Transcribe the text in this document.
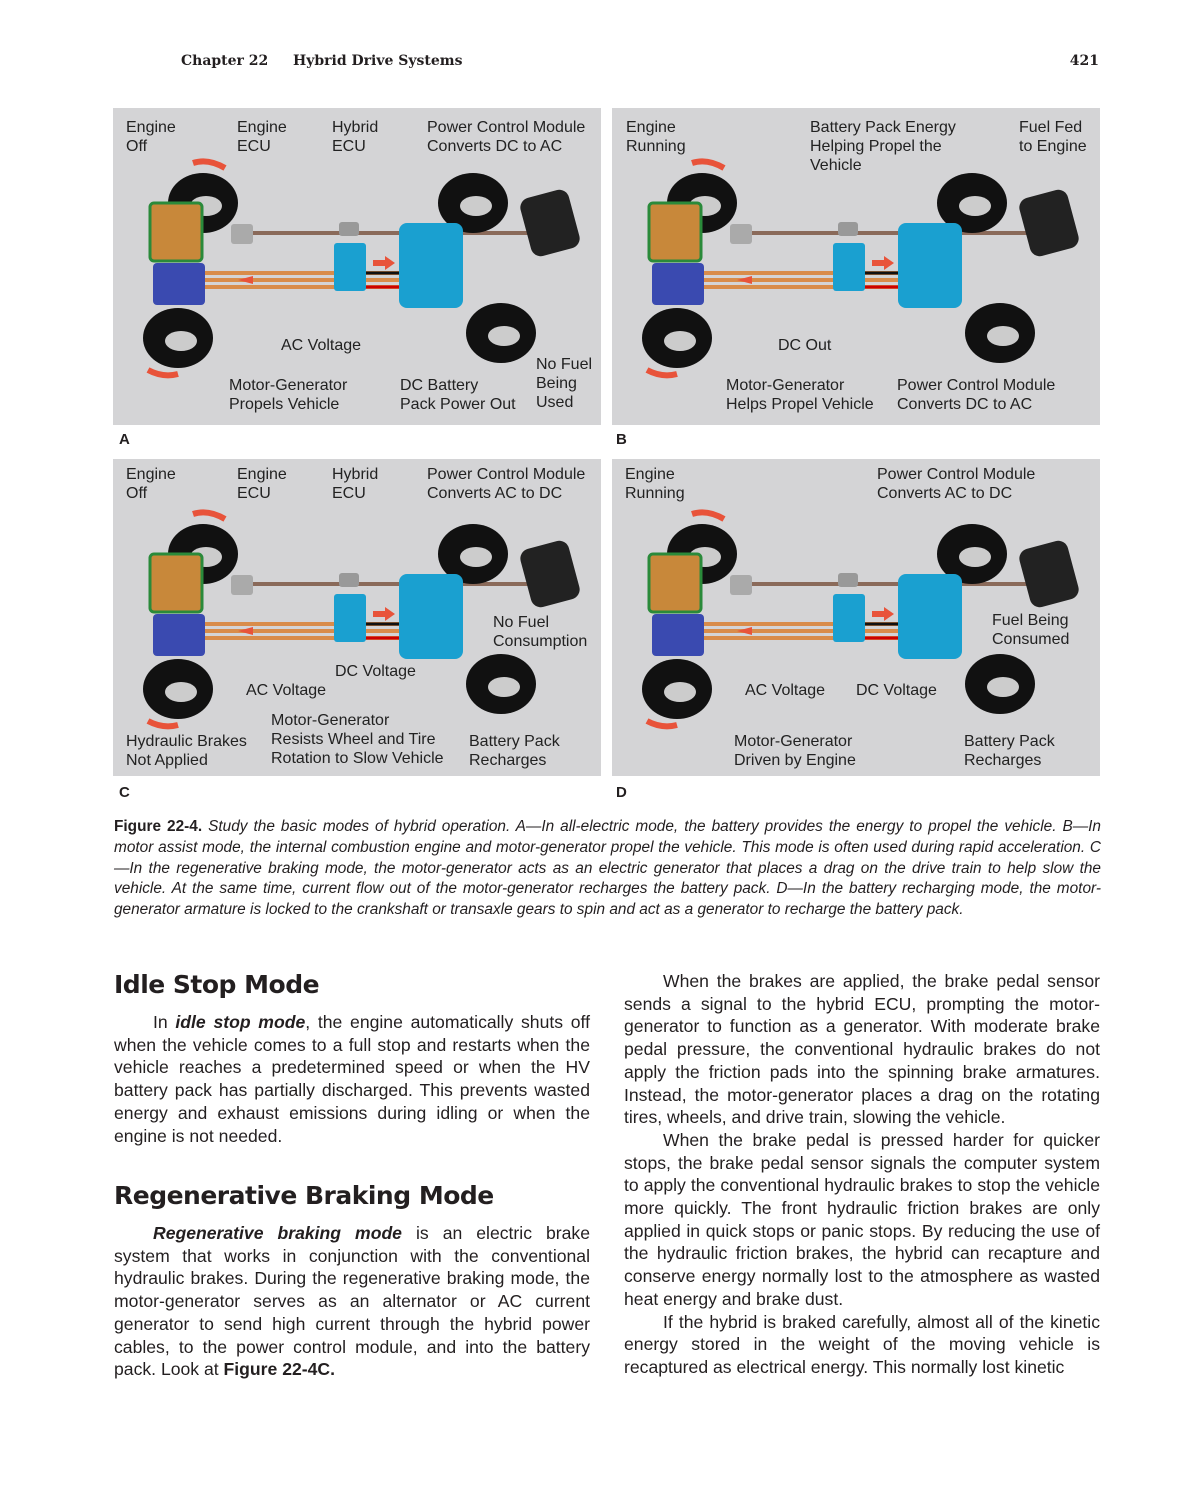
Chapter 22 Hybrid Drive Systems	421
Engine
Off
Engine
ECU
Hybrid
ECU
Power Control Module
Converts DC to AC
AC Voltage
Motor-Generator
Propels Vehicle
DC Battery
Pack Power Out
No Fuel
Being
Used
A
Engine
Running
Battery Pack Energy
Helping Propel the
Vehicle
Fuel Fed
to Engine
DC Out
Motor-Generator
Helps Propel Vehicle
Power Control Module
Converts DC to AC
B
Engine
Off
Engine
ECU
Hybrid
ECU
Power Control Module
Converts AC to DC
No Fuel
Consumption
DC Voltage
AC Voltage
Motor-Generator
Resists Wheel and Tire
Rotation to Slow Vehicle
Hydraulic Brakes
Not Applied
Battery Pack
Recharges
C
Engine
Running
Power Control Module
Converts AC to DC
Fuel Being
Consumed
AC Voltage DC Voltage
Motor-Generator
Driven by Engine
Battery Pack
Recharges
D
Figure 22-4. Study the basic modes of hybrid operation. A—In all-electric mode, the battery provides the energy to propel the vehicle. B—In motor assist mode, the internal combustion engine and motor-generator propel the vehicle. This mode is often used during rapid acceleration. C—In the regenerative braking mode, the motor-generator acts as an electric generator that places a drag on the drive train to help slow the vehicle. At the same time, current flow out of the motor-generator recharges the battery pack. D—In the battery recharging mode, the motor-generator armature is locked to the crankshaft or transaxle gears to spin and act as a generator to recharge the battery pack.
Idle Stop Mode

In idle stop mode, the engine automatically shuts off when the vehicle comes to a full stop and restarts when the vehicle reaches a predetermined speed or when the HV battery pack has partially discharged. This prevents wasted energy and exhaust emissions during idling or when the engine is not needed.

Regenerative Braking Mode

Regenerative braking mode is an electric brake system that works in conjunction with the conventional hydraulic brakes. During the regenerative braking mode, the motor-generator serves as an alternator or AC current generator to send high current through the hybrid power cables, to the power control module, and into the battery pack. Look at Figure 22-4C.

When the brakes are applied, the brake pedal sensor sends a signal to the hybrid ECU, prompting the motor-generator to function as a generator. With moderate brake pedal pressure, the conventional hydraulic brakes do not apply the friction pads into the spinning brake armatures. Instead, the motor-generator places a drag on the rotating tires, wheels, and drive train, slowing the vehicle.

When the brake pedal is pressed harder for quicker stops, the brake pedal sensor signals the computer system to apply the conventional hydraulic brakes to stop the vehicle more quickly. The front hydraulic friction brakes are only applied in quick stops or panic stops. By reducing the use of the hydraulic friction brakes, the hybrid can recapture and conserve energy normally lost to the atmosphere as wasted heat energy and brake dust.

If the hybrid is braked carefully, almost all of the kinetic energy stored in the weight of the moving vehicle is recaptured as electrical energy. This normally lost kinetic
